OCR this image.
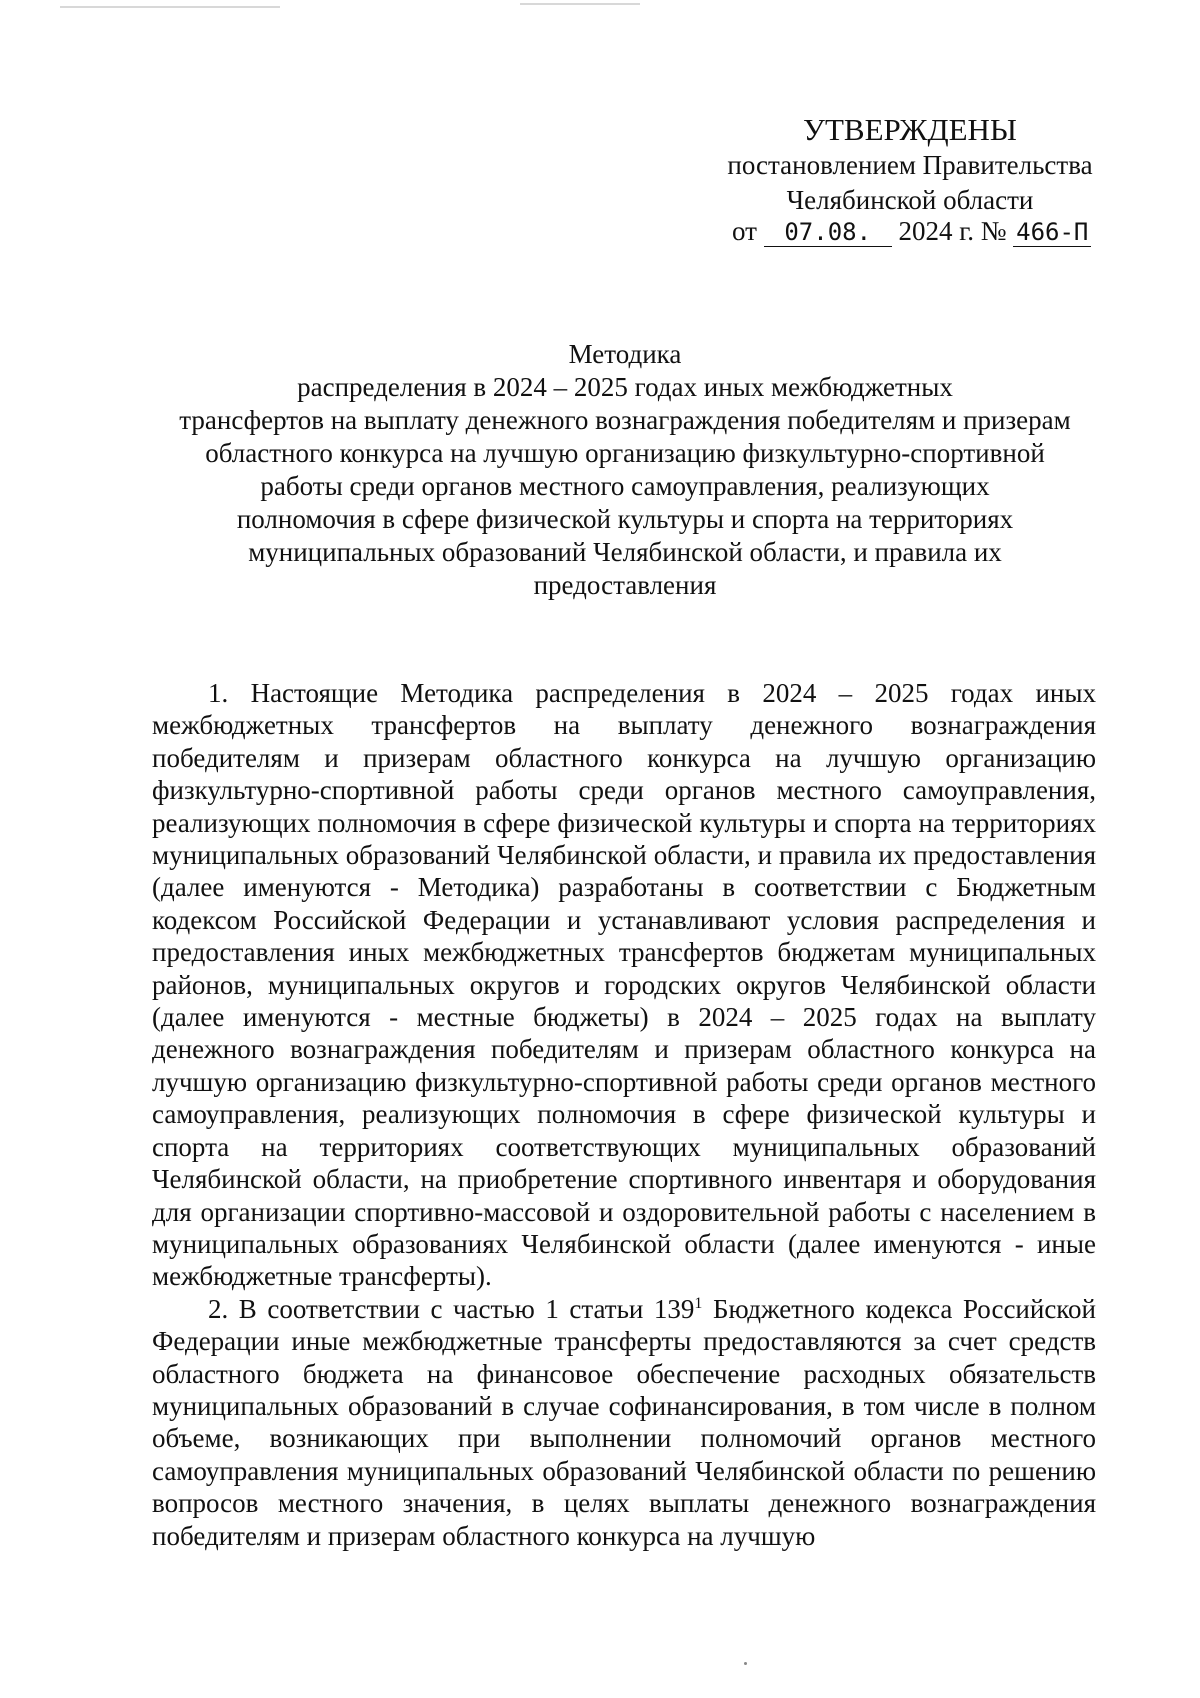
УТВЕРЖДЕНЫ
постановлением Правительства
Челябинской области
от 07.08. 2024 г. № 466-П
Методика
распределения в 2024 – 2025 годах иных межбюджетных
трансфертов на выплату денежного вознаграждения победителям и призерам
областного конкурса на лучшую организацию физкультурно-спортивной
работы среди органов местного самоуправления, реализующих
полномочия в сфере физической культуры и спорта на территориях
муниципальных образований Челябинской области, и правила их
предоставления

1. Настоящие Методика распределения в 2024 – 2025 годах иных межбюджетных трансфертов на выплату денежного вознаграждения победителям и призерам областного конкурса на лучшую организацию физкультурно-спортивной работы среди органов местного самоуправления, реализующих полномочия в сфере физической культуры и спорта на территориях муниципальных образований Челябинской области, и правила их предоставления (далее именуются - Методика) разработаны в соответствии с Бюджетным кодексом Российской Федерации и устанавливают условия распределения и предоставления иных межбюджетных трансфертов бюджетам муниципальных районов, муниципальных округов и городских округов Челябинской области (далее именуются - местные бюджеты) в 2024 – 2025 годах на выплату денежного вознаграждения победителям и призерам областного конкурса на лучшую организацию физкультурно-спортивной работы среди органов местного самоуправления, реализующих полномочия в сфере физической культуры и спорта на территориях соответствующих муниципальных образований Челябинской области, на приобретение спортивного инвентаря и оборудования для организации спортивно-массовой и оздоровительной работы с населением в муниципальных образованиях Челябинской области (далее именуются - иные межбюджетные трансферты).

2. В соответствии с частью 1 статьи $139^1$ Бюджетного кодекса Российской Федерации иные межбюджетные трансферты предоставляются за счет средств областного бюджета на финансовое обеспечение расходных обязательств муниципальных образований в случае софинансирования, в том числе в полном объеме, возникающих при выполнении полномочий органов местного самоуправления муниципальных образований Челябинской области по решению вопросов местного значения, в целях выплаты денежного вознаграждения победителям и призерам областного конкурса на лучшую
